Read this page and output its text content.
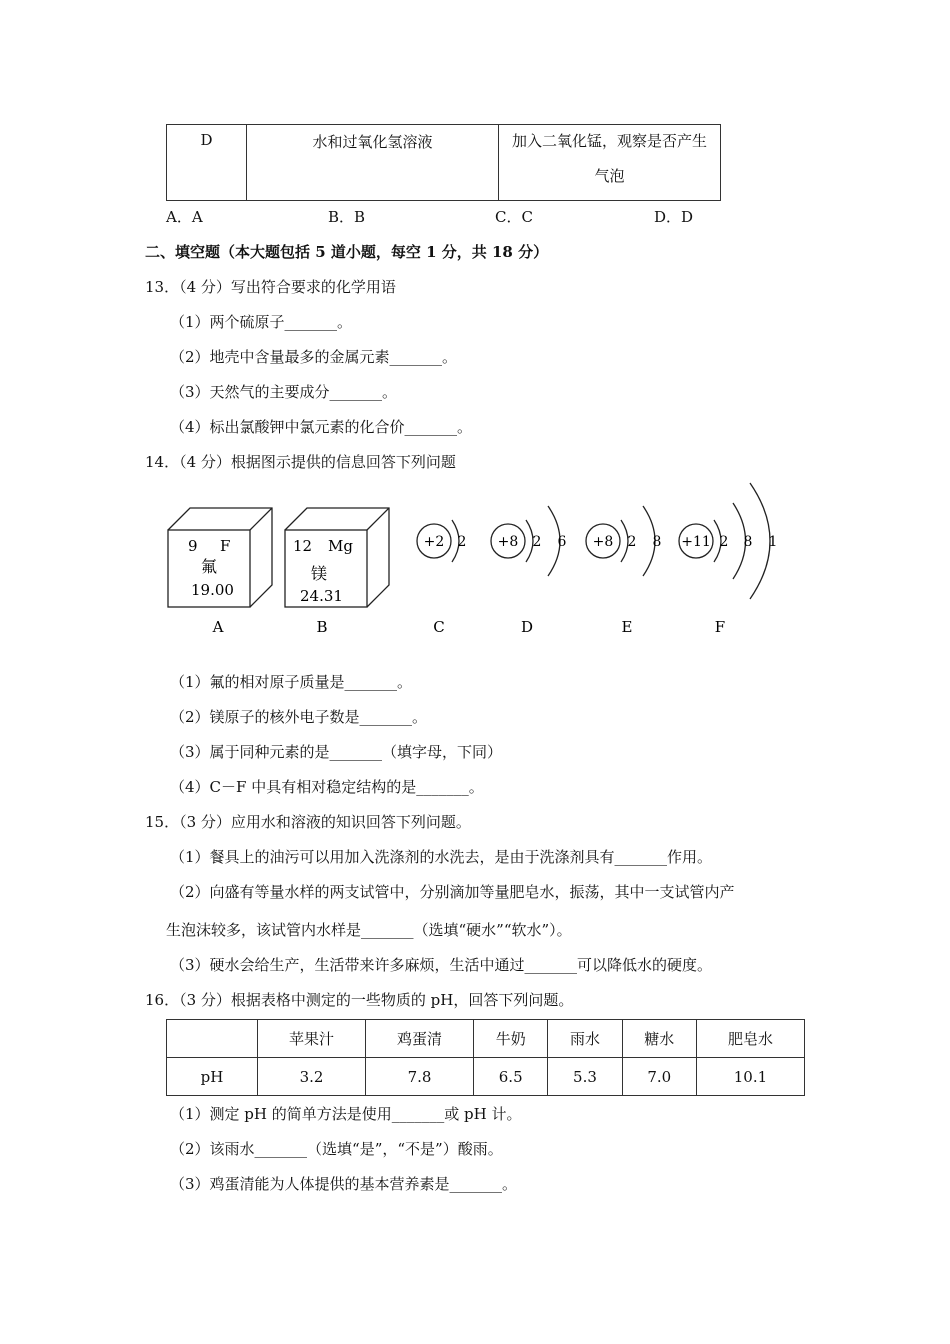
D	水和过氧化氢溶液	加入二氧化锰，观察是否产生
气泡
A．A	B．B	C．C	D．D
二、填空题（本大题包括 5 道小题，每空 1 分，共 18 分）
13．（4 分）写出符合要求的化学用语
（1）两个硫原子_______。
（2）地壳中含量最多的金属元素_______。
（3）天然气的主要成分_______。
（4）标出氯酸钾中氯元素的化合价_______。
14．（4 分）根据图示提供的信息回答下列问题
9 F
氟
19.00
12 Mg
镁
24.31
+2 2 +8 2 6 +8 2 8 +11 2 8 1
A	B	C	D	E	F
（1）氟的相对原子质量是_______。
（2）镁原子的核外电子数是_______。
（3）属于同种元素的是_______（填字母，下同）
（4）C－F 中具有相对稳定结构的是_______。
15．（3 分）应用水和溶液的知识回答下列问题。
（1）餐具上的油污可以用加入洗涤剂的水洗去，是由于洗涤剂具有_______作用。
（2）向盛有等量水样的两支试管中，分别滴加等量肥皂水，振荡，其中一支试管内产
生泡沫较多，该试管内水样是_______（选填“硬水”“软水”）。
（3）硬水会给生产，生活带来许多麻烦，生活中通过_______可以降低水的硬度。
16．（3 分）根据表格中测定的一些物质的 pH，回答下列问题。
	苹果汁	鸡蛋清	牛奶	雨水	糖水	肥皂水
pH	3.2	7.8	6.5	5.3	7.0	10.1
（1）测定 pH 的简单方法是使用_______或 pH 计。
（2）该雨水_______（选填“是”，“不是”）酸雨。
（3）鸡蛋清能为人体提供的基本营养素是_______。
